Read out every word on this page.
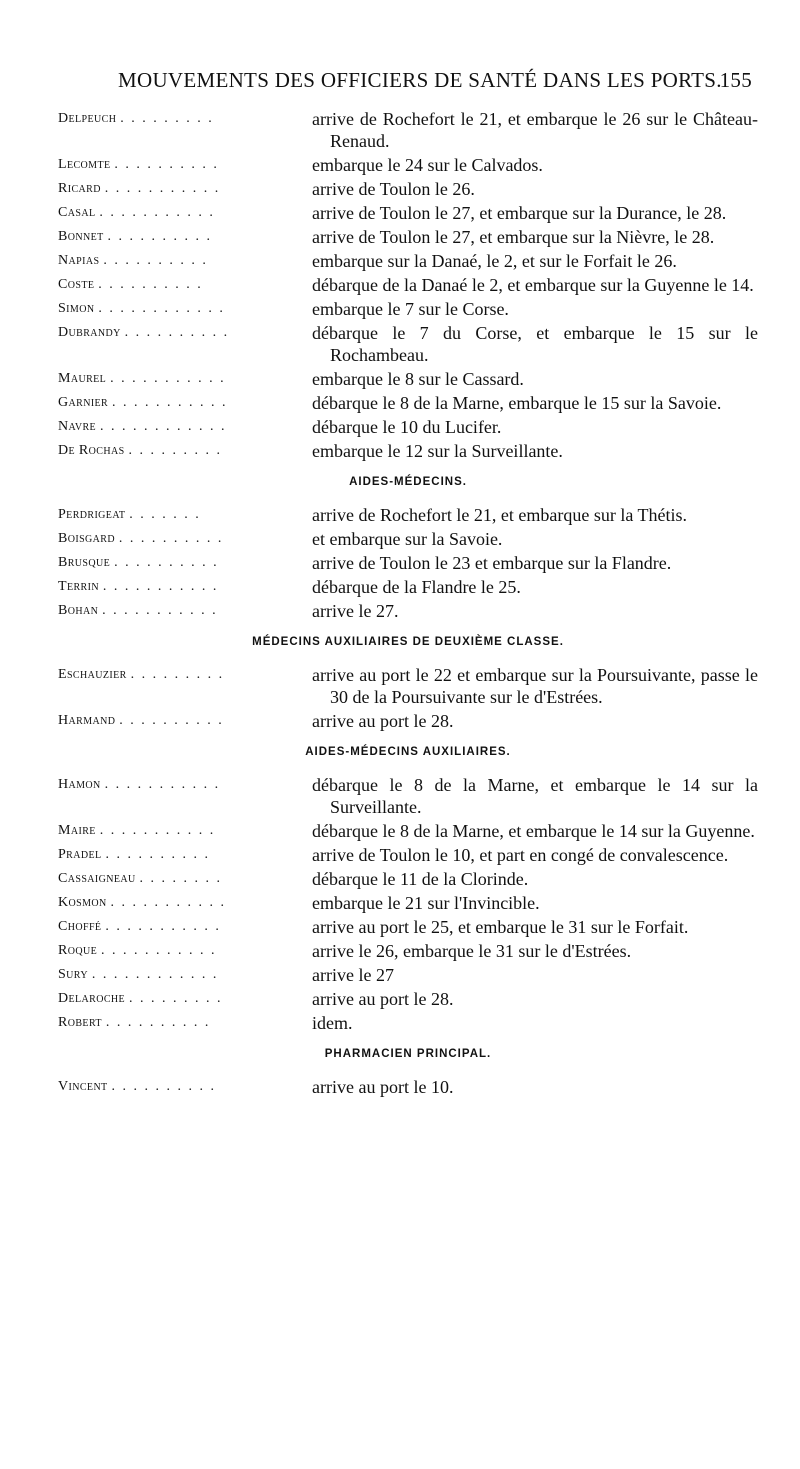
MOUVEMENTS DES OFFICIERS DE SANTÉ DANS LES PORTS.
155
Delpeuch . . . . . . . . .	arrive de Rochefort le 21, et embarque le 26 sur le Château-Renaud.
Lecomte . . . . . . . . . .	embarque le 24 sur le Calvados.
Ricard . . . . . . . . . . .	arrive de Toulon le 26.
Casal . . . . . . . . . . .	arrive de Toulon le 27, et embarque sur la Durance, le 28.
Bonnet . . . . . . . . . .	arrive de Toulon le 27, et embarque sur la Nièvre, le 28.
Napias . . . . . . . . . .	embarque sur la Danaé, le 2, et sur le Forfait le 26.
Coste . . . . . . . . . .	débarque de la Danaé le 2, et embarque sur la Guyenne le 14.
Simon . . . . . . . . . . . .	embarque le 7 sur le Corse.
Dubrandy . . . . . . . . . .	débarque le 7 du Corse, et embarque le 15 sur le Rochambeau.
Maurel . . . . . . . . . . .	embarque le 8 sur le Cassard.
Garnier . . . . . . . . . . .	débarque le 8 de la Marne, embarque le 15 sur la Savoie.
Navre . . . . . . . . . . . .	débarque le 10 du Lucifer.
De Rochas . . . . . . . . .	embarque le 12 sur la Surveillante.
AIDES-MÉDECINS.
Perdrigeat . . . . . . .	arrive de Rochefort le 21, et embarque sur la Thétis.
Boisgard . . . . . . . . . .	et embarque sur la Savoie.
Brusque . . . . . . . . . .	arrive de Toulon le 23 et embarque sur la Flandre.
Terrin . . . . . . . . . . .	débarque de la Flandre le 25.
Bohan . . . . . . . . . . .	arrive le 27.
MÉDECINS AUXILIAIRES DE DEUXIÈME CLASSE.
Eschauzier . . . . . . . . .	arrive au port le 22 et embarque sur la Poursuivante, passe le 30 de la Poursuivante sur le d'Estrées.
Harmand . . . . . . . . . .	arrive au port le 28.
AIDES-MÉDECINS AUXILIAIRES.
Hamon . . . . . . . . . . .	débarque le 8 de la Marne, et embarque le 14 sur la Surveillante.
Maire . . . . . . . . . . .	débarque le 8 de la Marne, et embarque le 14 sur la Guyenne.
Pradel . . . . . . . . . .	arrive de Toulon le 10, et part en congé de convalescence.
Cassaigneau . . . . . . . .	débarque le 11 de la Clorinde.
Kosmon . . . . . . . . . . .	embarque le 21 sur l'Invincible.
Choffé . . . . . . . . . . .	arrive au port le 25, et embarque le 31 sur le Forfait.
Roque . . . . . . . . . . .	arrive le 26, embarque le 31 sur le d'Estrées.
Sury . . . . . . . . . . . .	arrive le 27
Delaroche . . . . . . . . .	arrive au port le 28.
Robert . . . . . . . . . .	idem.
PHARMACIEN PRINCIPAL.
Vincent . . . . . . . . . .	arrive au port le 10.
